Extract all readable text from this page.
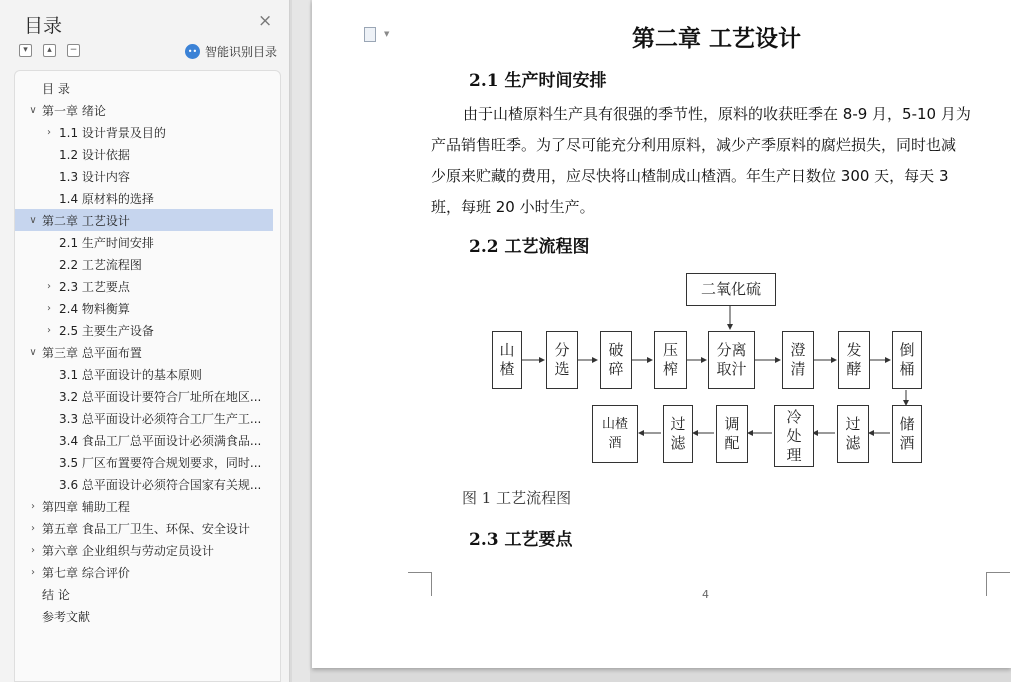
目录	×
▾	▴	−	•• 智能识别目录
目 录
∨ 第一章 绪论
› 1.1 设计背景及目的
1.2 设计依据
1.3 设计内容
1.4 原材料的选择
∨ 第二章 工艺设计
2.1 生产时间安排
2.2 工艺流程图
› 2.3 工艺要点
› 2.4 物料衡算
› 2.5 主要生产设备
∨ 第三章 总平面布置
3.1 总平面设计的基本原则
3.2 总平面设计要符合厂址所在地区...
3.3 总平面设计必须符合工厂生产工...
3.4 食品工厂总平面设计必须满食品...
3.5 厂区布置要符合规划要求，同时...
3.6 总平面设计必须符合国家有关规...
› 第四章 辅助工程
› 第五章 食品工厂卫生、环保、安全设计
› 第六章 企业组织与劳动定员设计
› 第七章 综合评价
结 论
参考文献
▼	第二章 工艺设计
2.1 生产时间安排
由于山楂原料生产具有很强的季节性，原料的收获旺季在 8-9 月，5-10 月为
产品销售旺季。为了尽可能充分利用原料，减少产季原料的腐烂损失，同时也减
少原来贮藏的费用，应尽快将山楂制成山楂酒。年生产日数位 300 天，每天 3
班，每班 20 小时生产。
2.2 工艺流程图
二氧化硫
山
楂
分
选
破
碎
压
榨
分离
取汁
澄
清
发
酵
倒
桶
储
酒
过
滤
冷
处
理
调
配
过
滤
山楂
酒
图 1 工艺流程图
2.3 工艺要点
4
